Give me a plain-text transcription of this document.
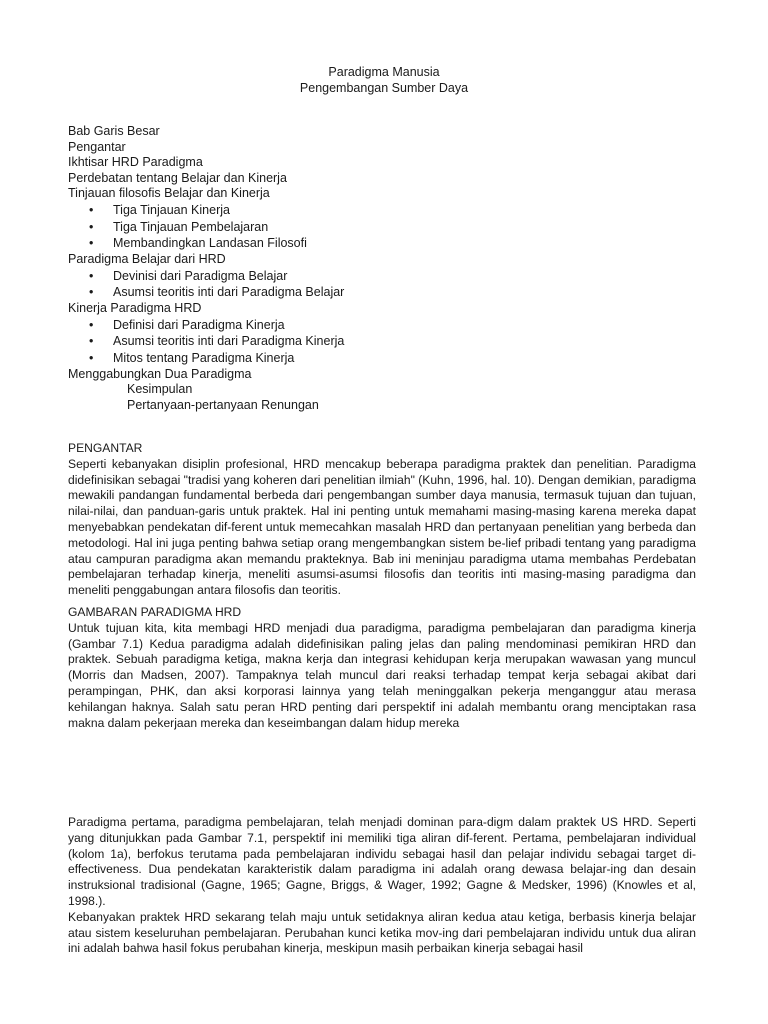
Paradigma Manusia
Pengembangan Sumber Daya
Bab Garis Besar
Pengantar
Ikhtisar HRD Paradigma
Perdebatan tentang Belajar dan Kinerja
Tinjauan filosofis Belajar dan Kinerja
• Tiga Tinjauan Kinerja
• Tiga Tinjauan Pembelajaran
• Membandingkan Landasan Filosofi
Paradigma Belajar dari HRD
• Devinisi dari Paradigma Belajar
• Asumsi teoritis inti dari Paradigma Belajar
Kinerja Paradigma HRD
• Definisi dari Paradigma Kinerja
• Asumsi teoritis inti dari Paradigma Kinerja
• Mitos tentang Paradigma Kinerja
Menggabungkan Dua Paradigma
Kesimpulan
Pertanyaan-pertanyaan Renungan
PENGANTAR

Seperti kebanyakan disiplin profesional, HRD mencakup beberapa paradigma praktek dan penelitian. Paradigma didefinisikan sebagai "tradisi yang koheren dari penelitian ilmiah" (Kuhn, 1996, hal. 10). Dengan demikian, paradigma mewakili pandangan fundamental berbeda dari pengembangan sumber daya manusia, termasuk tujuan dan tujuan, nilai-nilai, dan panduan-garis untuk praktek. Hal ini penting untuk memahami masing-masing karena mereka dapat menyebabkan pendekatan dif-ferent untuk memecahkan masalah HRD dan pertanyaan penelitian yang berbeda dan metodologi. Hal ini juga penting bahwa setiap orang mengembangkan sistem be-lief pribadi tentang yang paradigma atau campuran paradigma akan memandu prakteknya. Bab ini meninjau paradigma utama membahas Perdebatan pembelajaran terhadap kinerja, meneliti asumsi-asumsi filosofis dan teoritis inti masing-masing paradigma dan meneliti penggabungan antara filosofis dan teoritis.

GAMBARAN PARADIGMA HRD

Untuk tujuan kita, kita membagi HRD menjadi dua paradigma, paradigma pembelajaran dan paradigma kinerja (Gambar 7.1) Kedua paradigma adalah didefinisikan paling jelas dan paling mendominasi pemikiran HRD dan praktek. Sebuah paradigma ketiga, makna kerja dan integrasi kehidupan kerja merupakan wawasan yang muncul (Morris dan Madsen, 2007). Tampaknya telah muncul dari reaksi terhadap tempat kerja sebagai akibat dari perampingan, PHK, dan aksi korporasi lainnya yang telah meninggalkan pekerja menganggur atau merasa kehilangan haknya. Salah satu peran HRD penting dari perspektif ini adalah membantu orang menciptakan rasa makna dalam pekerjaan mereka dan keseimbangan dalam hidup mereka

Paradigma pertama, paradigma pembelajaran, telah menjadi dominan para-digm dalam praktek US HRD. Seperti yang ditunjukkan pada Gambar 7.1, perspektif ini memiliki tiga aliran dif-ferent. Pertama, pembelajaran individual (kolom 1a), berfokus terutama pada pembelajaran individu sebagai hasil dan pelajar individu sebagai target di-effectiveness. Dua pendekatan karakteristik dalam paradigma ini adalah orang dewasa belajar-ing dan desain instruksional tradisional (Gagne, 1965; Gagne, Briggs, & Wager, 1992; Gagne & Medsker, 1996) (Knowles et al, 1998.).

Kebanyakan praktek HRD sekarang telah maju untuk setidaknya aliran kedua atau ketiga, berbasis kinerja belajar atau sistem keseluruhan pembelajaran. Perubahan kunci ketika mov-ing dari pembelajaran individu untuk dua aliran ini adalah bahwa hasil fokus perubahan kinerja, meskipun masih perbaikan kinerja sebagai hasil
